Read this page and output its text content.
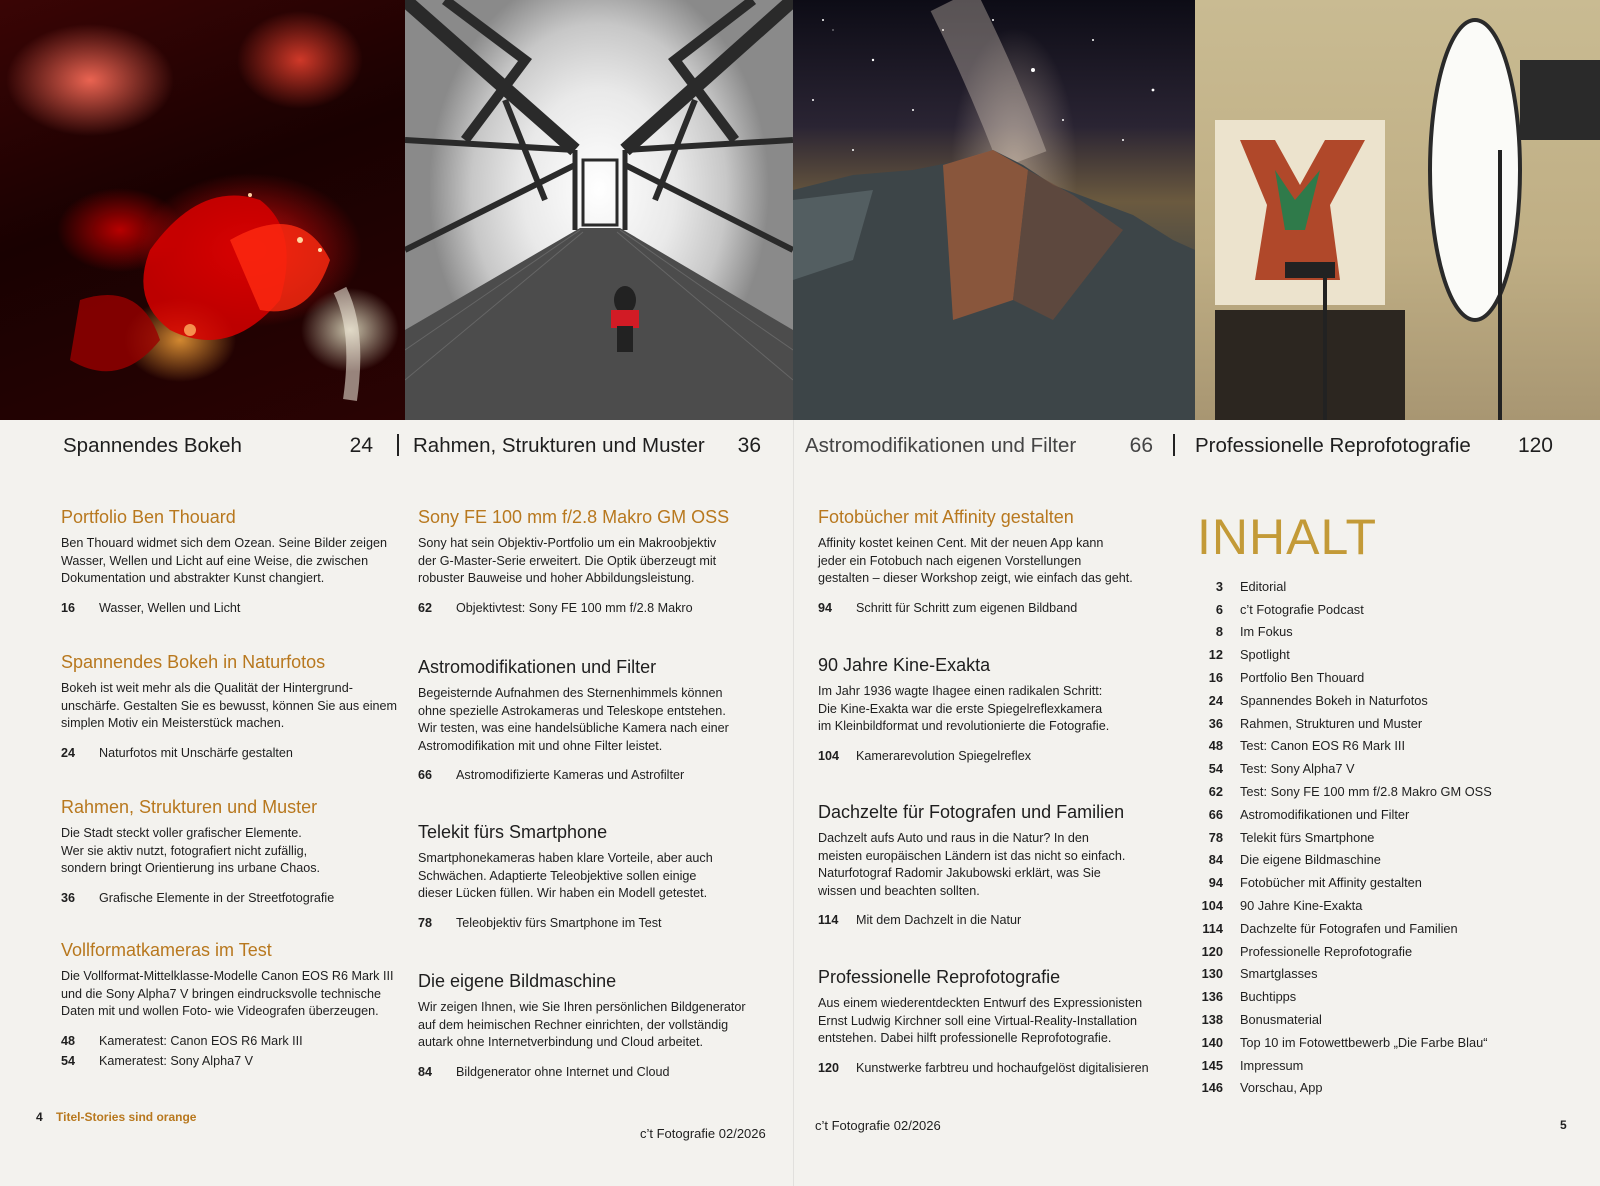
Spannendes Bokeh	24 Rahmen, Strukturen und Muster 36 Astromodifikationen und Filter	66 Professionelle Reprofotografie 120
Portfolio Ben Thouard

Ben Thouard widmet sich dem Ozean. Seine Bilder zeigen
Wasser, Wellen und Licht auf eine Weise, die zwischen
Dokumentation und abstrakter Kunst changiert.

16	Wasser, Wellen und Licht
Spannendes Bokeh in Naturfotos

Bokeh ist weit mehr als die Qualität der Hintergrund-
unschärfe. Gestalten Sie es bewusst, können Sie aus einem
simplen Motiv ein Meisterstück machen.

24	Naturfotos mit Unschärfe gestalten
Rahmen, Strukturen und Muster

Die Stadt steckt voller grafischer Elemente.
Wer sie aktiv nutzt, fotografiert nicht zufällig,
sondern bringt Orientierung ins urbane Chaos.

36	Grafische Elemente in der Streetfotografie
Vollformatkameras im Test

Die Vollformat-Mittelklasse-Modelle Canon EOS R6 Mark III
und die Sony Alpha7 V bringen eindrucksvolle technische
Daten mit und wollen Foto- wie Videografen überzeugen.

48	Kameratest: Canon EOS R6 Mark III
54	Kameratest: Sony Alpha7 V
Sony FE 100 mm f/2.8 Makro GM OSS

Sony hat sein Objektiv-Portfolio um ein Makroobjektiv
der G-Master-Serie erweitert. Die Optik überzeugt mit
robuster Bauweise und hoher Abbildungsleistung.

62	Objektivtest: Sony FE 100 mm f/2.8 Makro
Astromodifikationen und Filter

Begeisternde Aufnahmen des Sternenhimmels können
ohne spezielle Astrokameras und Teleskope entstehen.
Wir testen, was eine handelsübliche Kamera nach einer
Astromodifikation mit und ohne Filter leistet.

66	Astromodifizierte Kameras und Astrofilter
Telekit fürs Smartphone

Smartphonekameras haben klare Vorteile, aber auch
Schwächen. Adaptierte Teleobjektive sollen einige
dieser Lücken füllen. Wir haben ein Modell getestet.

78	Teleobjektiv fürs Smartphone im Test
Die eigene Bildmaschine

Wir zeigen Ihnen, wie Sie Ihren persönlichen Bildgenerator
auf dem heimischen Rechner einrichten, der vollständig
autark ohne Internetverbindung und Cloud arbeitet.

84	Bildgenerator ohne Internet und Cloud
Fotobücher mit Affinity gestalten

Affinity kostet keinen Cent. Mit der neuen App kann
jeder ein Fotobuch nach eigenen Vorstellungen
gestalten – dieser Workshop zeigt, wie einfach das geht.

94	Schritt für Schritt zum eigenen Bildband
90 Jahre Kine-Exakta

Im Jahr 1936 wagte Ihagee einen radikalen Schritt:
Die Kine-Exakta war die erste Spiegelreflexkamera
im Kleinbildformat und revolutionierte die Fotografie.

104	Kamerarevolution Spiegelreflex
Dachzelte für Fotografen und Familien

Dachzelt aufs Auto und raus in die Natur? In den
meisten europäischen Ländern ist das nicht so einfach.
Naturfotograf Radomir Jakubowski erklärt, was Sie
wissen und beachten sollten.

114	Mit dem Dachzelt in die Natur
Professionelle Reprofotografie

Aus einem wiederentdeckten Entwurf des Expressionisten
Ernst Ludwig Kirchner soll eine Virtual-Reality-Installation
entstehen. Dabei hilft professionelle Reprofotografie.

120	Kunstwerke farbtreu und hochaufgelöst digitalisieren
INHALT
3	Editorial
6	c’t Fotografie Podcast
8	Im Fokus
12	Spotlight
16	Portfolio Ben Thouard
24	Spannendes Bokeh in Naturfotos
36	Rahmen, Strukturen und Muster
48	Test: Canon EOS R6 Mark III
54	Test: Sony Alpha7 V
62	Test: Sony FE 100 mm f/2.8 Makro GM OSS
66	Astromodifikationen und Filter
78	Telekit fürs Smartphone
84	Die eigene Bildmaschine
94	Fotobücher mit Affinity gestalten
104	90 Jahre Kine-Exakta
114	Dachzelte für Fotografen und Familien
120	Professionelle Reprofotografie
130	Smartglasses
136	Buchtipps
138	Bonusmaterial
140	Top 10 im Fotowettbewerb „Die Farbe Blau“
145	Impressum
146	Vorschau, App
4 Titel-Stories sind orange
c’t Fotografie 02/2026
c’t Fotografie 02/2026	5
